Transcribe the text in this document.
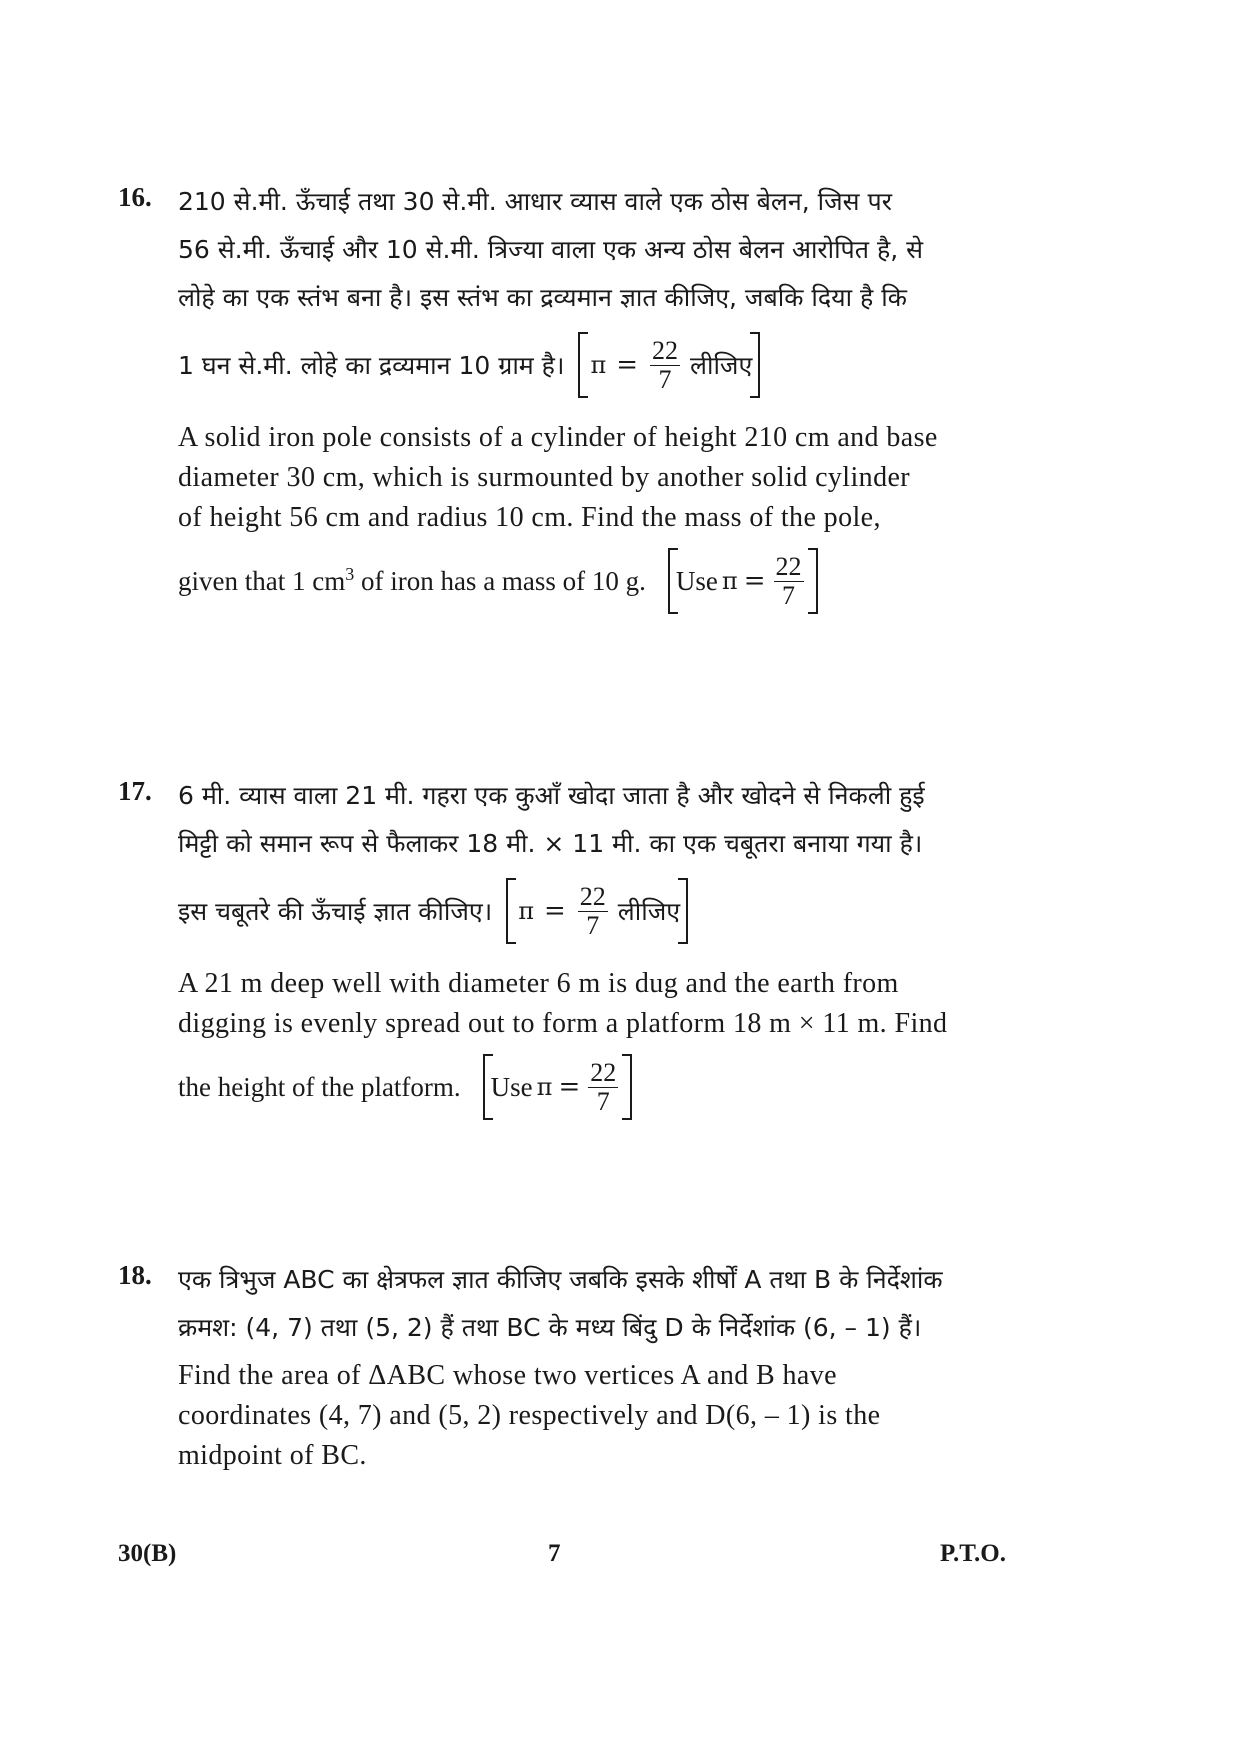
16. 210 से.मी. ऊँचाई तथा 30 से.मी. आधार व्यास वाले एक ठोस बेलन, जिस पर

56 से.मी. ऊँचाई और 10 से.मी. त्रिज्या वाला एक अन्य ठोस बेलन आरोपित है, से

लोहे का एक स्तंभ बना है। इस स्तंभ का द्रव्यमान ज्ञात कीजिए, जबकि दिया है कि

1 घन से.मी. लोहे का द्रव्यमान 10 ग्राम है। $\pi = \frac{22}{7}$ लीजिए

A solid iron pole consists of a cylinder of height 210 cm and base

diameter 30 cm, which is surmounted by another solid cylinder

of height 56 cm and radius 10 cm. Find the mass of the pole,

given that 1 $cm^3$ of iron has a mass of 10 g. Use $\pi = \frac{22}{7}$
17. 6 मी. व्यास वाला 21 मी. गहरा एक कुआँ खोदा जाता है और खोदने से निकली हुई

मिट्टी को समान रूप से फैलाकर 18 मी. × 11 मी. का एक चबूतरा बनाया गया है।

इस चबूतरे की ऊँचाई ज्ञात कीजिए। $\pi = \frac{22}{7}$ लीजिए

A 21 m deep well with diameter 6 m is dug and the earth from

digging is evenly spread out to form a platform 18 m × 11 m. Find

the height of the platform. Use $\pi = \frac{22}{7}$
18. एक त्रिभुज ABC का क्षेत्रफल ज्ञात कीजिए जबकि इसके शीर्षों A तथा B के निर्देशांक

क्रमश: (4, 7) तथा (5, 2) हैं तथा BC के मध्य बिंदु D के निर्देशांक (6, – 1) हैं।

Find the area of ΔABC whose two vertices A and B have

coordinates (4, 7) and (5, 2) respectively and D(6, – 1) is the

midpoint of BC.

30(B)	7	P.T.O.
